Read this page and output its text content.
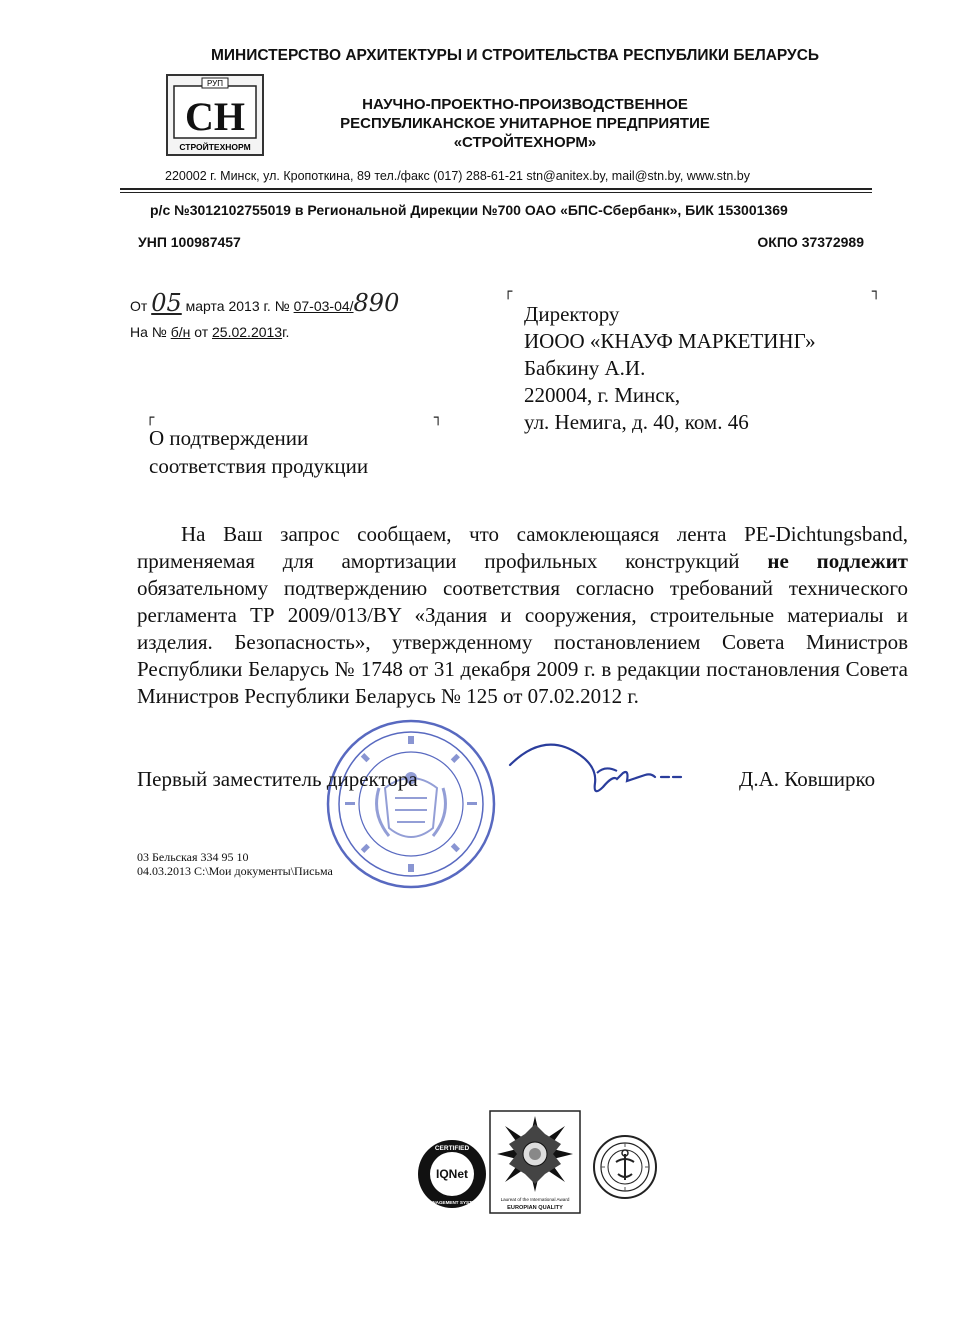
МИНИСТЕРСТВО АРХИТЕКТУРЫ И СТРОИТЕЛЬСТВА РЕСПУБЛИКИ БЕЛАРУСЬ
РУП
СН
СТРОЙТЕХНОРМ
НАУЧНО-ПРОЕКТНО-ПРОИЗВОДСТВЕННОЕ
РЕСПУБЛИКАНСКОЕ УНИТАРНОЕ ПРЕДПРИЯТИЕ
«СТРОЙТЕХНОРМ»
220002 г. Минск, ул. Кропоткина, 89 тел./факс (017) 288-61-21 stn@anitex.by, mail@stn.by, www.stn.by
р/с №3012102755019 в Региональной Дирекции №700 ОАО «БПС-Сбербанк», БИК 153001369
УНП 100987457	ОКПО 37372989
От 05 марта 2013 г. № 07-03-04/890
На № б/н от 25.02.2013г.
┌	┐
Директору
ИООО «КНАУФ МАРКЕТИНГ»
Бабкину А.И.
220004, г. Минск,
ул. Немига, д. 40, ком. 46
┌	┐
О подтверждении
соответствия продукции
На Ваш запрос сообщаем, что самоклеющаяся лента PE-Dichtungsband, применяемая для амортизации профильных конструкций не подлежит обязательному подтверждению соответствия согласно требований технического регламента ТР 2009/013/BY «Здания и сооружения, строительные материалы и изделия. Безопасность», утвержденному постановлением Совета Министров Республики Беларусь № 1748 от 31 декабря 2009 г. в редакции постановления Совета Министров Республики Беларусь № 125 от 07.02.2012 г.
Первый заместитель директора	Д.А. Ковширко
03 Бельская 334 95 10
04.03.2013 C:\Мои документы\Письма
CERTIFIED
IQNet
MANAGEMENT SYSTEM
Laureat of the International Award
EUROPIAN QUALITY
